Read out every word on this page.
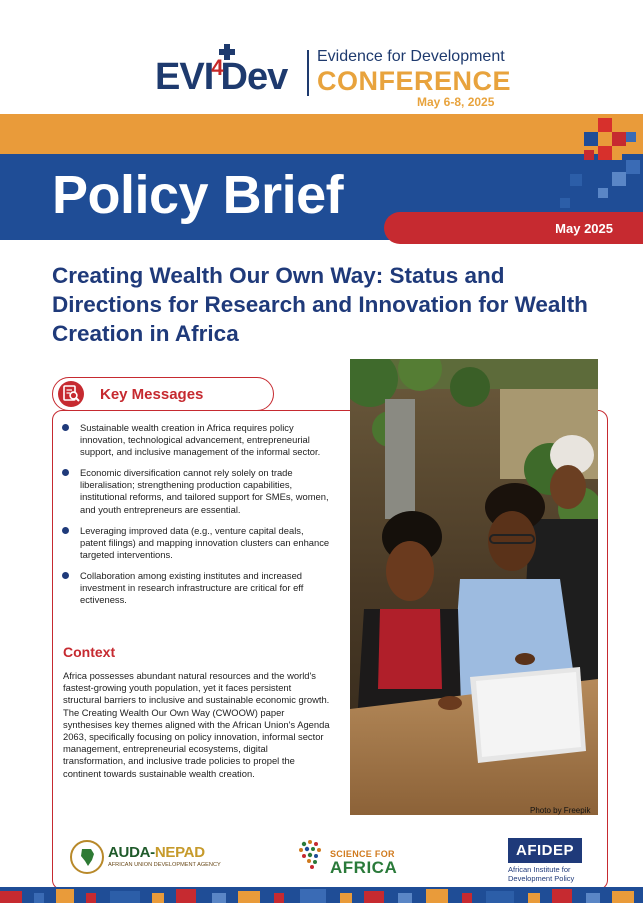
EVI$^4$Dev Evidence for Development
CONFERENCE
May 6-8, 2025
Policy Brief
May 2025
Creating Wealth Our Own Way: Status and Directions for Research and Innovation for Wealth Creation in Africa
Key Messages
Sustainable wealth creation in Africa requires policy innovation, technological advancement, entrepreneurial support, and inclusive management of the informal sector.
Economic diversification cannot rely solely on trade liberalisation; strengthening production capabilities, institutional reforms, and tailored support for SMEs, women, and youth entrepreneurs are essential.
Leveraging improved data (e.g., venture capital deals, patent filings) and mapping innovation clusters can enhance targeted interventions.
Collaboration among existing institutes and increased investment in research infrastructure are critical for eff ectiveness.
Context

Africa possesses abundant natural resources and the world's fastest-growing youth population, yet it faces persistent structural barriers to inclusive and sustainable economic growth. The Creating Wealth Our Own Way (CWOOW) paper synthesises key themes aligned with the African Union's Agenda 2063, specifically focusing on policy innovation, informal sector management, entrepreneurial ecosystems, digital transformation, and inclusive trade policies to propel the continent towards sustainable wealth creation.

Photo by Freepik
AUDA-NEPAD
AFRICAN UNION DEVELOPMENT AGENCY
SCIENCE FOR
AFRICA
AFIDEP
African Institute for
Development Policy
